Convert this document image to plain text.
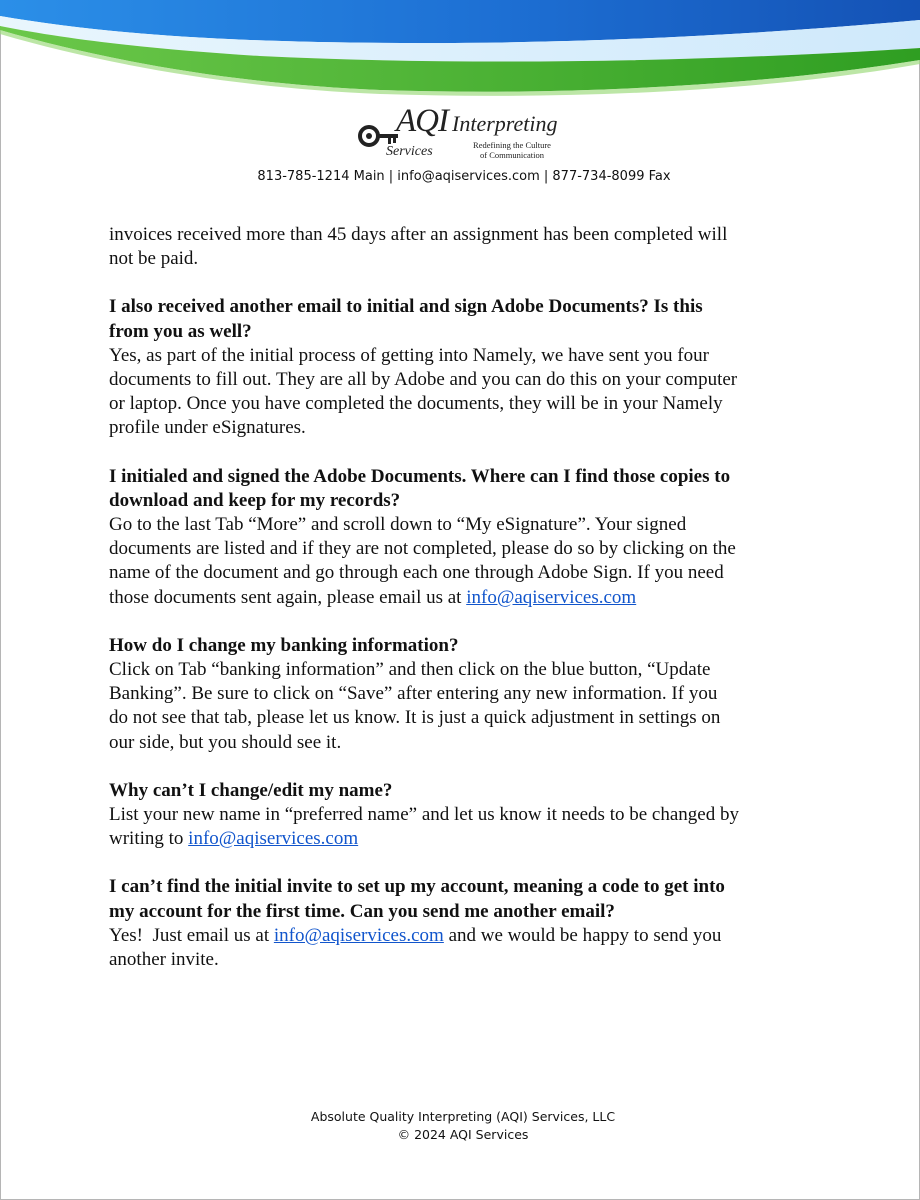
AQI Interpreting
Services	Redefining the Culture
of Communication
813-785-1214 Main | info@aqiservices.com | 877-734-8099 Fax

invoices received more than 45 days after an assignment has been completed will

not be paid.

I also received another email to initial and sign Adobe Documents? Is this

from you as well?

Yes, as part of the initial process of getting into Namely, we have sent you four

documents to fill out. They are all by Adobe and you can do this on your computer

or laptop. Once you have completed the documents, they will be in your Namely

profile under eSignatures.

I initialed and signed the Adobe Documents. Where can I find those copies to

download and keep for my records?

Go to the last Tab “More” and scroll down to “My eSignature”. Your signed

documents are listed and if they are not completed, please do so by clicking on the

name of the document and go through each one through Adobe Sign. If you need

those documents sent again, please email us at info@aqiservices.com

How do I change my banking information?

Click on Tab “banking information” and then click on the blue button, “Update

Banking”. Be sure to click on “Save” after entering any new information. If you

do not see that tab, please let us know. It is just a quick adjustment in settings on

our side, but you should see it.

Why can’t I change/edit my name?

List your new name in “preferred name” and let us know it needs to be changed by

writing to info@aqiservices.com

I can’t find the initial invite to set up my account, meaning a code to get into

my account for the first time. Can you send me another email?

Yes!  Just email us at info@aqiservices.com and we would be happy to send you

another invite.

Absolute Quality Interpreting (AQI) Services, LLC
© 2024 AQI Services
